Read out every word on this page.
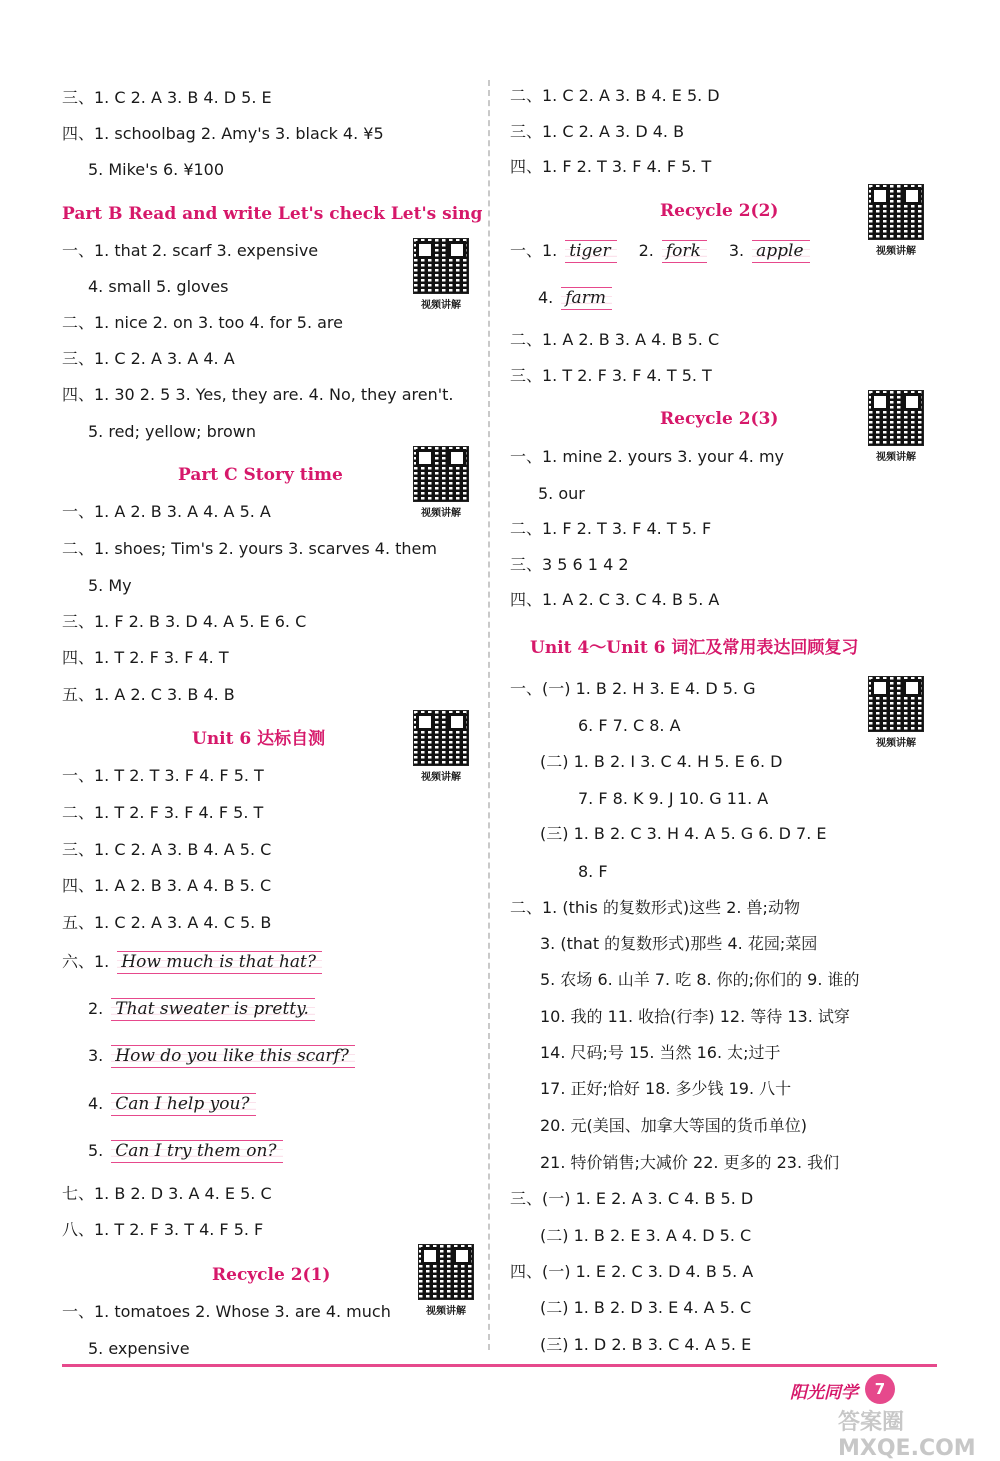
三、1. C 2. A 3. B 4. D 5. E
四、1. schoolbag 2. Amy's 3. black 4. ¥5
5. Mike's 6. ¥100
Part B Read and write Let's check Let's sing
一、1. that 2. scarf 3. expensive
4. small 5. gloves
二、1. nice 2. on 3. too 4. for 5. are
三、1. C 2. A 3. A 4. A
四、1. 30 2. 5 3. Yes, they are. 4. No, they aren't.
5. red; yellow; brown
Part C Story time
一、1. A 2. B 3. A 4. A 5. A
二、1. shoes; Tim's 2. yours 3. scarves 4. them
5. My
三、1. F 2. B 3. D 4. A 5. E 6. C
四、1. T 2. F 3. F 4. T
五、1. A 2. C 3. B 4. B
Unit 6 达标自测
一、1. T 2. T 3. F 4. F 5. T
二、1. T 2. F 3. F 4. F 5. T
三、1. C 2. A 3. B 4. A 5. C
四、1. A 2. B 3. A 4. B 5. C
五、1. C 2. A 3. A 4. C 5. B
六、1. How much is that hat?
2. That sweater is pretty.
3. How do you like this scarf?
4. Can I help you?
5. Can I try them on?
七、1. B 2. D 3. A 4. E 5. C
八、1. T 2. F 3. T 4. F 5. F
Recycle 2(1)
一、1. tomatoes 2. Whose 3. are 4. much
5. expensive
二、1. C 2. A 3. B 4. E 5. D
三、1. C 2. A 3. D 4. B
四、1. F 2. T 3. F 4. F 5. T
Recycle 2(2)
一、1. tiger 2. fork 3. apple
4. farm
二、1. A 2. B 3. A 4. B 5. C
三、1. T 2. F 3. F 4. T 5. T
Recycle 2(3)
一、1. mine 2. yours 3. your 4. my
5. our
二、1. F 2. T 3. F 4. T 5. F
三、3 5 6 1 4 2
四、1. A 2. C 3. C 4. B 5. A
Unit 4～Unit 6 词汇及常用表达回顾复习
一、(一) 1. B 2. H 3. E 4. D 5. G
6. F 7. C 8. A
(二) 1. B 2. I 3. C 4. H 5. E 6. D
7. F 8. K 9. J 10. G 11. A
(三) 1. B 2. C 3. H 4. A 5. G 6. D 7. E
8. F
二、1. (this 的复数形式)这些 2. 兽;动物
3. (that 的复数形式)那些 4. 花园;菜园
5. 农场 6. 山羊 7. 吃 8. 你的;你们的 9. 谁的
10. 我的 11. 收拾(行李) 12. 等待 13. 试穿
14. 尺码;号 15. 当然 16. 太;过于
17. 正好;恰好 18. 多少钱 19. 八十
20. 元(美国、加拿大等国的货币单位)
21. 特价销售;大减价 22. 更多的 23. 我们
三、(一) 1. E 2. A 3. C 4. B 5. D
(二) 1. B 2. E 3. A 4. D 5. C
四、(一) 1. E 2. C 3. D 4. B 5. A
(二) 1. B 2. D 3. E 4. A 5. C
(三) 1. D 2. B 3. C 4. A 5. E
视频讲解
视频讲解
视频讲解
视频讲解
视频讲解
视频讲解
视频讲解
阳光同学	7
答案圈 MXQE.COM
